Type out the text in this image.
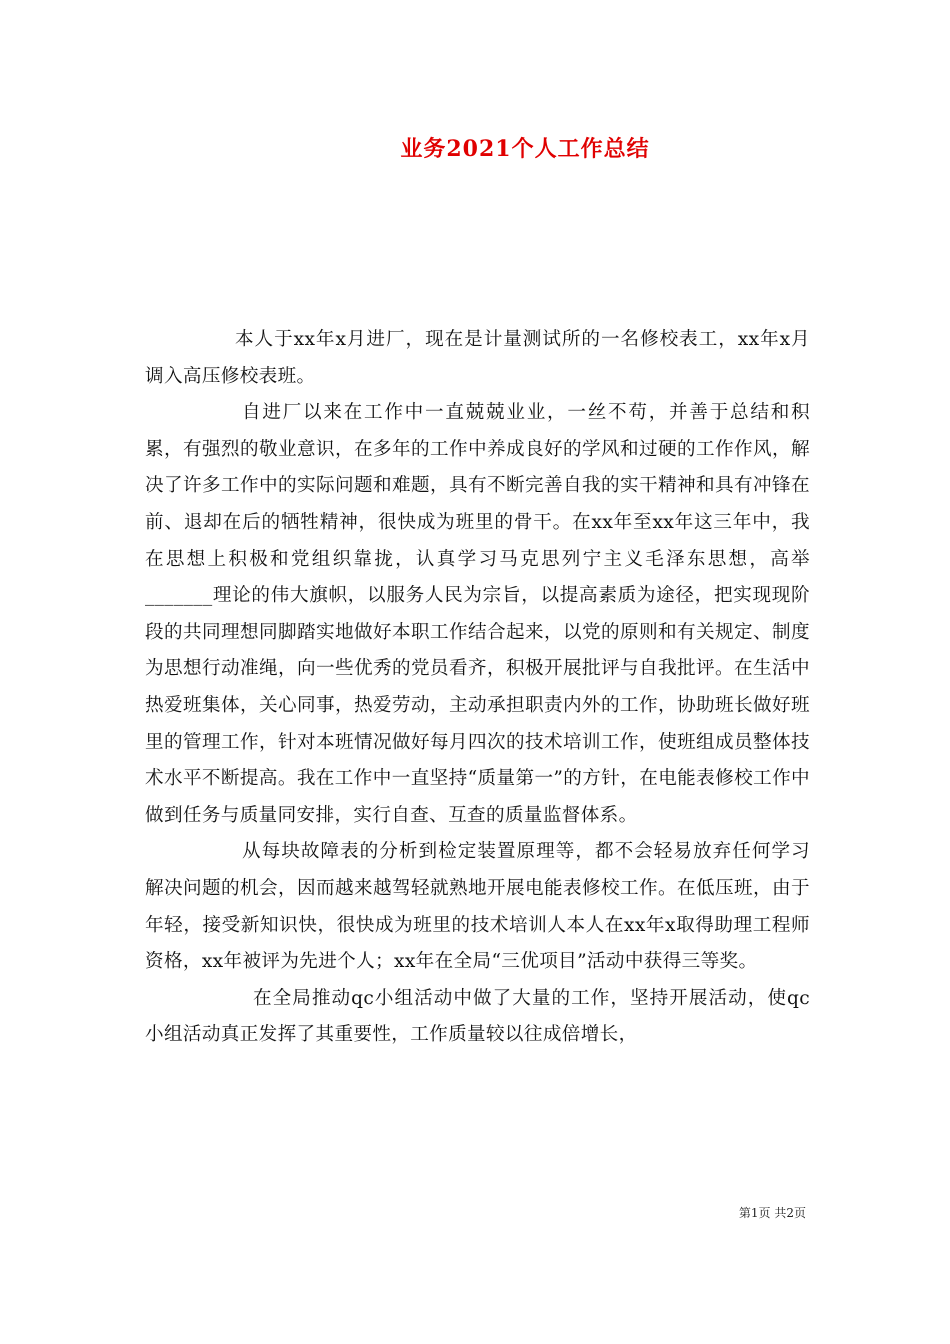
业务2021个人工作总结

本人于xx年x月进厂，现在是计量测试所的一名修校表工，xx年x月调入高压修校表班。

自进厂以来在工作中一直兢兢业业，一丝不苟，并善于总结和积累，有强烈的敬业意识，在多年的工作中养成良好的学风和过硬的工作作风，解决了许多工作中的实际问题和难题，具有不断完善自我的实干精神和具有冲锋在前、退却在后的牺牲精神，很快成为班里的骨干。在xx年至xx年这三年中，我在思想上积极和党组织靠拢，认真学习马克思列宁主义毛泽东思想，高举_______理论的伟大旗帜，以服务人民为宗旨，以提高素质为途径，把实现现阶段的共同理想同脚踏实地做好本职工作结合起来，以党的原则和有关规定、制度为思想行动准绳，向一些优秀的党员看齐，积极开展批评与自我批评。在生活中热爱班集体，关心同事，热爱劳动，主动承担职责内外的工作，协助班长做好班里的管理工作，针对本班情况做好每月四次的技术培训工作，使班组成员整体技术水平不断提高。我在工作中一直坚持“质量第一”的方针，在电能表修校工作中做到任务与质量同安排，实行自查、互查的质量监督体系。

从每块故障表的分析到检定装置原理等，都不会轻易放弃任何学习解决问题的机会，因而越来越驾轻就熟地开展电能表修校工作。在低压班，由于年轻，接受新知识快，很快成为班里的技术培训人本人在xx年x取得助理工程师资格，xx年被评为先进个人；xx年在全局“三优项目”活动中获得三等奖。

在全局推动qc小组活动中做了大量的工作，坚持开展活动，使qc小组活动真正发挥了其重要性，工作质量较以往成倍增长，

第1页 共2页
